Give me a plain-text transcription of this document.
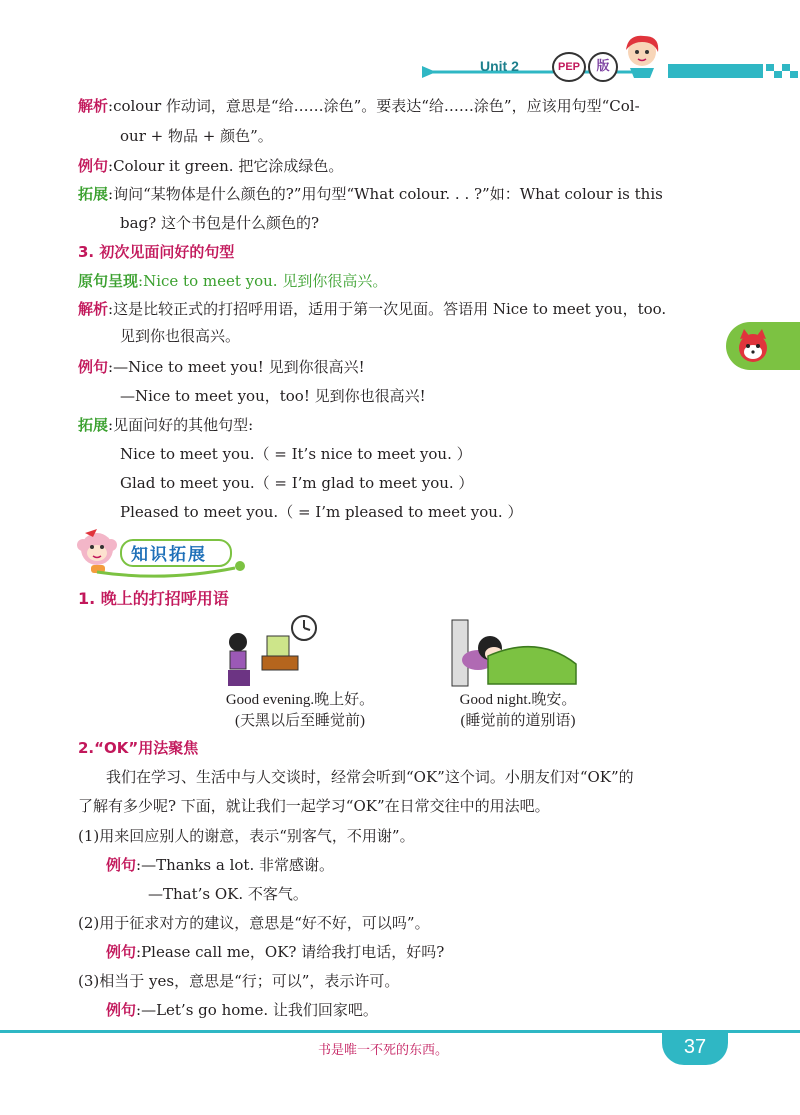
Unit 2	PEP	版
解析:colour 作动词，意思是“给……涂色”。要表达“给……涂色”，应该用句型“Col-
our + 物品 + 颜色”。
例句:Colour it green. 把它涂成绿色。
拓展:询问“某物体是什么颜色的?”用句型“What colour. . . ?”如：What colour is this
bag? 这个书包是什么颜色的?
3. 初次见面问好的句型
原句呈现:Nice to meet you. 见到你很高兴。
解析:这是比较正式的打招呼用语，适用于第一次见面。答语用 Nice to meet you，too.
见到你也很高兴。
例句:—Nice to meet you! 见到你很高兴!
—Nice to meet you，too! 见到你也很高兴!
拓展:见面问好的其他句型:
Nice to meet you.（ = It’s nice to meet you. ）
Glad to meet you.（ = I’m glad to meet you. ）
Pleased to meet you.（ = I’m pleased to meet you. ）
知识拓展
1. 晚上的打招呼用语
Good evening.晚上好。
(天黑以后至睡觉前)
Good night.晚安。
(睡觉前的道别语)
2.“OK”用法聚焦
我们在学习、生活中与人交谈时，经常会听到“OK”这个词。小朋友们对“OK”的
了解有多少呢? 下面，就让我们一起学习“OK”在日常交往中的用法吧。
(1)用来回应别人的谢意，表示“别客气，不用谢”。
例句:—Thanks a lot. 非常感谢。
—That’s OK. 不客气。
(2)用于征求对方的建议，意思是“好不好，可以吗”。
例句:Please call me，OK? 请给我打电话，好吗?
(3)相当于 yes，意思是“行；可以”，表示许可。
例句:—Let’s go home. 让我们回家吧。
书是唯一不死的东西。	37
